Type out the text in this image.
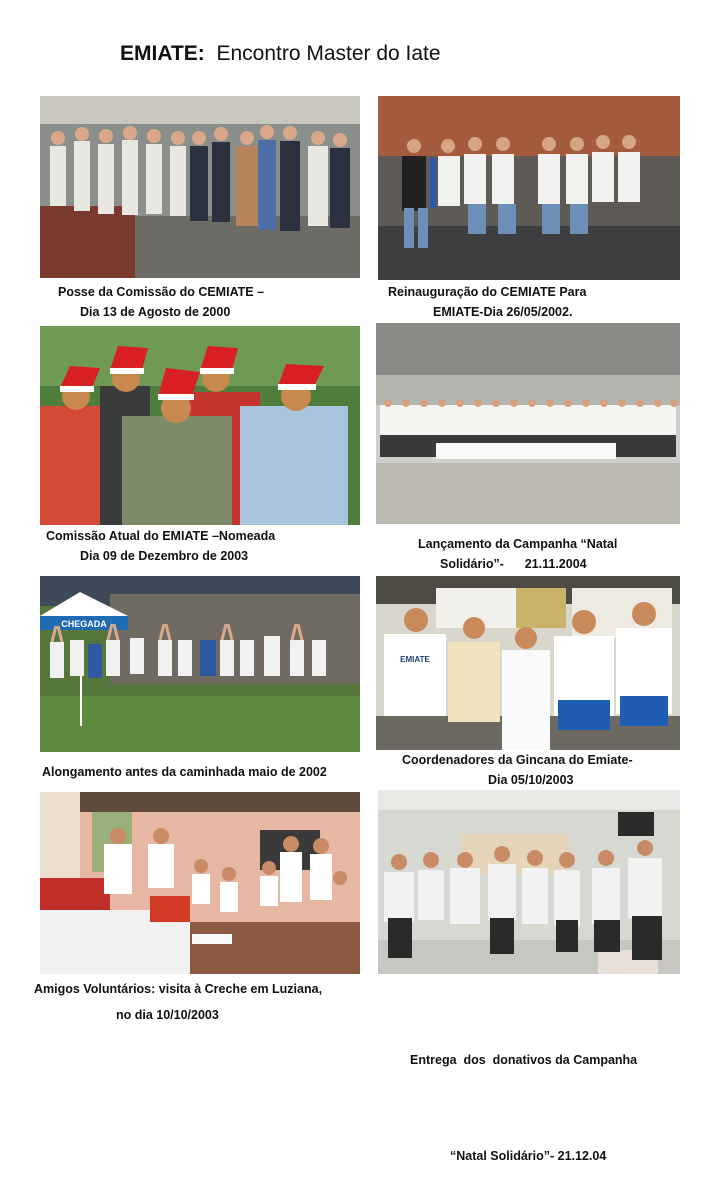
EMIATE: Encontro Master do Iate
Posse da Comissão do CEMIATE –
Dia 13 de Agosto de 2000
Reinauguração do CEMIATE Para
EMIATE-Dia 26/05/2002.
Comissão Atual do EMIATE –Nomeada
Dia 09 de Dezembro de 2003
Lançamento da Campanha “Natal
Solidário”-      21.11.2004
CHEGADA
Alongamento antes da caminhada maio de 2002
EMIATE
Coordenadores da Gincana do Emiate-
Dia 05/10/2003
Amigos Voluntários: visita à Creche em Luziana,
no dia 10/10/2003

Entrega  dos  donativos da Campanha

“Natal Solidário”- 21.12.04
